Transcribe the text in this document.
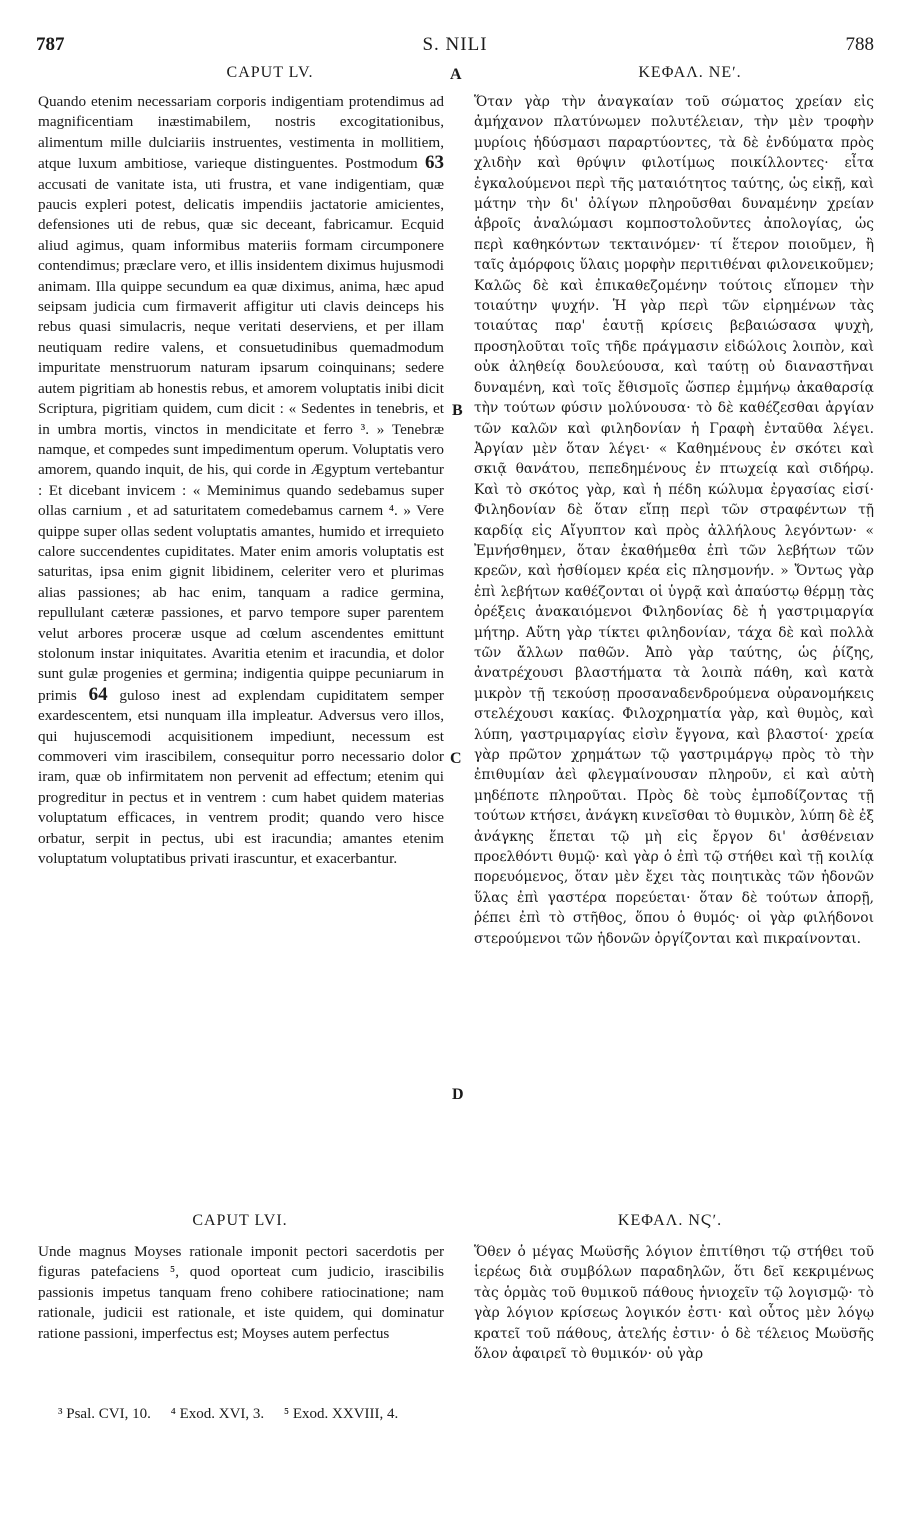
787	S. NILI	788
CAPUT LV.	A	ΚΕΦΑΛ. ΝΕʹ.
Quando etenim necessariam corporis indigentiam protendimus ad magnificentiam inæstimabilem, nostris excogitationibus, alimentum mille dulciariis instruentes, vestimenta in mollitiem, atque luxum ambitiose, varieque distinguentes. Postmodum 63 accusati de vanitate ista, uti frustra, et vane indigentiam, quæ paucis expleri potest, delicatis impendiis jactatorie amicientes, defensiones uti de rebus, quæ sic deceant, fabricamur. Ecquid aliud agimus, quam informibus materiis formam circumponere contendimus; præclare vero, et illis insidentem diximus hujusmodi animam. Illa quippe secundum ea quæ diximus, anima, hæc apud seipsam judicia cum firmaverit affigitur uti clavis deinceps his rebus quasi simulacris, neque veritati deserviens, et per illam neutiquam redire valens, et consuetudinibus quemadmodum impuritate menstruorum naturam ipsarum coinquinans; sedere autem pigritiam ab honestis rebus, et amorem voluptatis inibi dicit Scriptura, pigritiam quidem, cum dicit : « Sedentes in tenebris, et in umbra mortis, vinctos in mendicitate et ferro ³. » Tenebræ namque, et compedes sunt impedimentum operum. Voluptatis vero amorem, quando inquit, de his, qui corde in Ægyptum vertebantur : Et dicebant invicem : « Meminimus quando sedebamus super ollas carnium , et ad saturitatem comedebamus carnem ⁴. » Vere quippe super ollas sedent voluptatis amantes, humido et irrequieto calore succendentes cupiditates. Mater enim amoris voluptatis est saturitas, ipsa enim gignit libidinem, celeriter vero et plurimas alias passiones; ab hac enim, tanquam a radice germina, repullulant cæteræ passiones, et parvo tempore super parentem velut arbores proceræ usque ad cœlum ascendentes emittunt stolonum instar iniquitates. Avaritia etenim et iracundia, et dolor sunt gulæ progenies et germina; indigentia quippe pecuniarum in primis 64 guloso inest ad explendam cupiditatem semper exardescentem, etsi nunquam illa impleatur. Adversus vero illos, qui hujuscemodi acquisitionem impediunt, necessum est commoveri vim irascibilem, consequitur porro necessario dolor iram, quæ ob infirmitatem non pervenit ad effectum; etenim qui progreditur in pectus et in ventrem : cum habet quidem materias voluptatum efficaces, in ventrem prodit; quando vero hisce orbatur, serpit in pectus, ubi est iracundia; amantes etenim voluptatum voluptatibus privati irascuntur, et exacerbantur.
B
C
D
Ὅταν γὰρ τὴν ἀναγκαίαν τοῦ σώματος χρείαν εἰς ἀμήχανον πλατύνωμεν πολυτέλειαν, τὴν μὲν τροφὴν μυρίοις ἡδύσμασι παραρτύοντες, τὰ δὲ ἐνδύματα πρὸς χλιδὴν καὶ θρύψιν φιλοτίμως ποικίλλοντες· εἶτα ἐγκαλούμενοι περὶ τῆς ματαιότητος ταύτης, ὡς εἰκῇ, καὶ μάτην τὴν δι' ὀλίγων πληροῦσθαι δυναμένην χρείαν ἁβροῖς ἀναλώμασι κομποστολοῦντες ἀπολογίας, ὡς περὶ καθηκόντων τεκταινόμεν· τί ἕτερον ποιοῦμεν, ἢ ταῖς ἀμόρφοις ὕλαις μορφὴν περιτιθέναι φιλονεικοῦμεν; Καλῶς δὲ καὶ ἐπικαθεζομένην τούτοις εἴπομεν τὴν τοιαύτην ψυχήν. Ἡ γὰρ περὶ τῶν εἰρημένων τὰς τοιαύτας παρ' ἑαυτῇ κρίσεις βεβαιώσασα ψυχὴ, προσηλοῦται τοῖς τῆδε πράγμασιν εἰδώλοις λοιπὸν, καὶ οὐκ ἀληθείᾳ δουλεύουσα, καὶ ταύτῃ οὐ διαναστῆναι δυναμένη, καὶ τοῖς ἔθισμοῖς ὥσπερ ἐμμήνῳ ἀκαθαρσίᾳ τὴν τούτων φύσιν μολύνουσα· τὸ δὲ καθέζεσθαι ἀργίαν τῶν καλῶν καὶ φιληδονίαν ἡ Γραφὴ ἐνταῦθα λέγει. Ἀργίαν μὲν ὅταν λέγει· « Καθημένους ἐν σκότει καὶ σκιᾷ θανάτου, πεπεδημένους ἐν πτωχείᾳ καὶ σιδήρῳ. Καὶ τὸ σκότος γὰρ, καὶ ἡ πέδη κώλυμα ἐργασίας εἰσί· Φιληδονίαν δὲ ὅταν εἴπῃ περὶ τῶν στραφέντων τῇ καρδίᾳ εἰς Αἴγυπτον καὶ πρὸς ἀλλήλους λεγόντων· « Ἐμνήσθημεν, ὅταν ἐκαθήμεθα ἐπὶ τῶν λεβήτων τῶν κρεῶν, καὶ ἠσθίομεν κρέα εἰς πλησμονήν. » Ὄντως γὰρ ἐπὶ λεβήτων καθέζονται οἱ ὑγρᾷ καὶ ἀπαύστῳ θέρμῃ τὰς ὀρέξεις ἀνακαιόμενοι Φιληδονίας δὲ ἡ γαστριμαργία μήτηρ. Αὕτη γὰρ τίκτει φιληδονίαν, τάχα δὲ καὶ πολλὰ τῶν ἄλλων παθῶν. Ἀπὸ γὰρ ταύτης, ὡς ῥίζης, ἀνατρέχουσι βλαστήματα τὰ λοιπὰ πάθη, καὶ κατὰ μικρὸν τῇ τεκούσῃ προσαναδενδρούμενα οὐρανομήκεις στελέχουσι κακίας. Φιλοχρηματία γὰρ, καὶ θυμὸς, καὶ λύπη, γαστριμαργίας εἰσὶν ἔγγονα, καὶ βλαστοί· χρεία γὰρ πρῶτον χρημάτων τῷ γαστριμάργῳ πρὸς τὸ τὴν ἐπιθυμίαν ἀεὶ φλεγμαίνουσαν πληροῦν, εἰ καὶ αὐτὴ μηδέποτε πληροῦται. Πρὸς δὲ τοὺς ἐμποδίζοντας τῇ τούτων κτήσει, ἀνάγκη κινεῖσθαι τὸ θυμικὸν, λύπη δὲ ἐξ ἀνάγκης ἕπεται τῷ μὴ εἰς ἔργον δι' ἀσθένειαν προελθόντι θυμῷ· καὶ γὰρ ὁ ἐπὶ τῷ στήθει καὶ τῇ κοιλίᾳ πορευόμενος, ὅταν μὲν ἔχει τὰς ποιητικὰς τῶν ἡδονῶν ὕλας ἐπὶ γαστέρα πορεύεται· ὅταν δὲ τούτων ἀπορῇ, ῥέπει ἐπὶ τὸ στῆθος, ὅπου ὁ θυμός· οἱ γὰρ φιλήδονοι στερούμενοι τῶν ἡδονῶν ὀργίζονται καὶ πικραίνονται.
CAPUT LVI.	ΚΕΦΑΛ. ΝϚʹ.
Unde magnus Moyses rationale imponit pectori sacerdotis per figuras patefaciens ⁵, quod oporteat cum judicio, irascibilis passionis impetus tanquam freno cohibere ratiocinatione; nam rationale, judicii est rationale, et iste quidem, qui dominatur ratione passioni, imperfectus est; Moyses autem perfectus
Ὅθεν ὁ μέγας Μωϋσῆς λόγιον ἐπιτίθησι τῷ στήθει τοῦ ἱερέως διὰ συμβόλων παραδηλῶν, ὅτι δεῖ κεκριμένως τὰς ὁρμὰς τοῦ θυμικοῦ πάθους ἡνιοχεῖν τῷ λογισμῷ· τὸ γὰρ λόγιον κρίσεως λογικόν ἐστι· καὶ οὗτος μὲν λόγῳ κρατεῖ τοῦ πάθους, ἀτελής ἐστιν· ὁ δὲ τέλειος Μωϋσῆς ὅλον ἀφαιρεῖ τὸ θυμικόν· οὐ γὰρ
³ Psal. CVI, 10. ⁴ Exod. XVI, 3. ⁵ Exod. XXVIII, 4.
